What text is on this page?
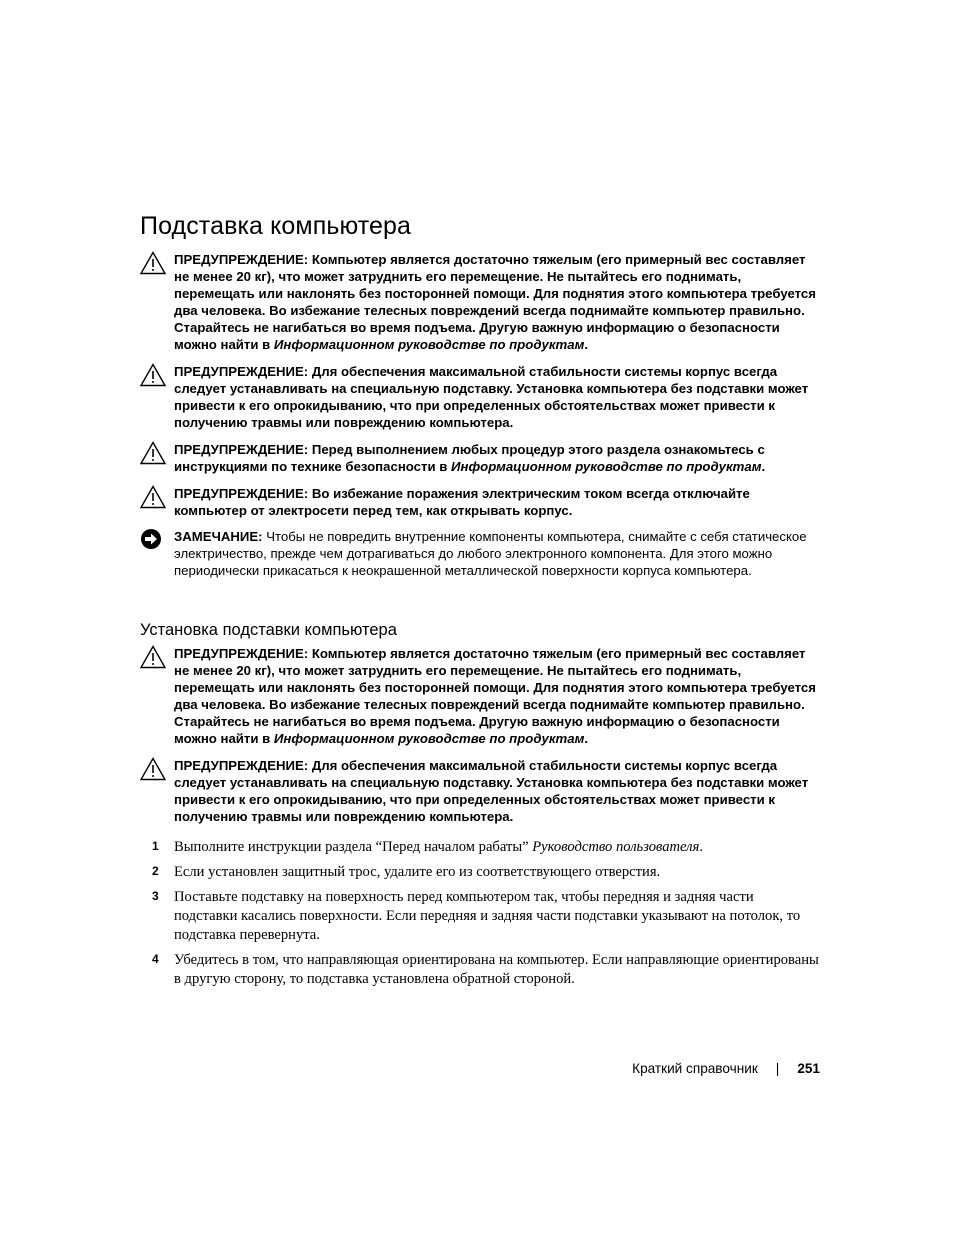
Подставка компьютера
ПРЕДУПРЕЖДЕНИЕ: Компьютер является достаточно тяжелым (его примерный вес составляет не менее 20 кг), что может затруднить его перемещение. Не пытайтесь его поднимать, перемещать или наклонять без посторонней помощи. Для поднятия этого компьютера требуется два человека. Во избежание телесных повреждений всегда поднимайте компьютер правильно. Старайтесь не нагибаться во время подъема. Другую важную информацию о безопасности можно найти в Информационном руководстве по продуктам.
ПРЕДУПРЕЖДЕНИЕ: Для обеспечения максимальной стабильности системы корпус всегда следует устанавливать на специальную подставку. Установка компьютера без подставки может привести к его опрокидыванию, что при определенных обстоятельствах может привести к получению травмы или повреждению компьютера.
ПРЕДУПРЕЖДЕНИЕ: Перед выполнением любых процедур этого раздела ознакомьтесь с инструкциями по технике безопасности в Информационном руководстве по продуктам.
ПРЕДУПРЕЖДЕНИЕ: Во избежание поражения электрическим током всегда отключайте компьютер от электросети перед тем, как открывать корпус.
ЗАМЕЧАНИЕ: Чтобы не повредить внутренние компоненты компьютера, снимайте с себя статическое электричество, прежде чем дотрагиваться до любого электронного компонента. Для этого можно периодически прикасаться к неокрашенной металлической поверхности корпуса компьютера.
Установка подставки компьютера
ПРЕДУПРЕЖДЕНИЕ: Компьютер является достаточно тяжелым (его примерный вес составляет не менее 20 кг), что может затруднить его перемещение. Не пытайтесь его поднимать, перемещать или наклонять без посторонней помощи. Для поднятия этого компьютера требуется два человека. Во избежание телесных повреждений всегда поднимайте компьютер правильно. Старайтесь не нагибаться во время подъема. Другую важную информацию о безопасности можно найти в Информационном руководстве по продуктам.
ПРЕДУПРЕЖДЕНИЕ: Для обеспечения максимальной стабильности системы корпус всегда следует устанавливать на специальную подставку. Установка компьютера без подставки может привести к его опрокидыванию, что при определенных обстоятельствах может привести к получению травмы или повреждению компьютера.
1 Выполните инструкции раздела “Перед началом рабаты” Руководство пользователя.
2 Если установлен защитный трос, удалите его из соответствующего отверстия.
3 Поставьте подставку на поверхность перед компьютером так, чтобы передняя и задняя части подставки касались поверхности. Если передняя и задняя части подставки указывают на потолок, то подставка перевернута.
4 Убедитесь в том, что направляющая ориентирована на компьютер. Если направляющие ориентированы в другую сторону, то подставка установлена обратной стороной.
Краткий справочник | 251
